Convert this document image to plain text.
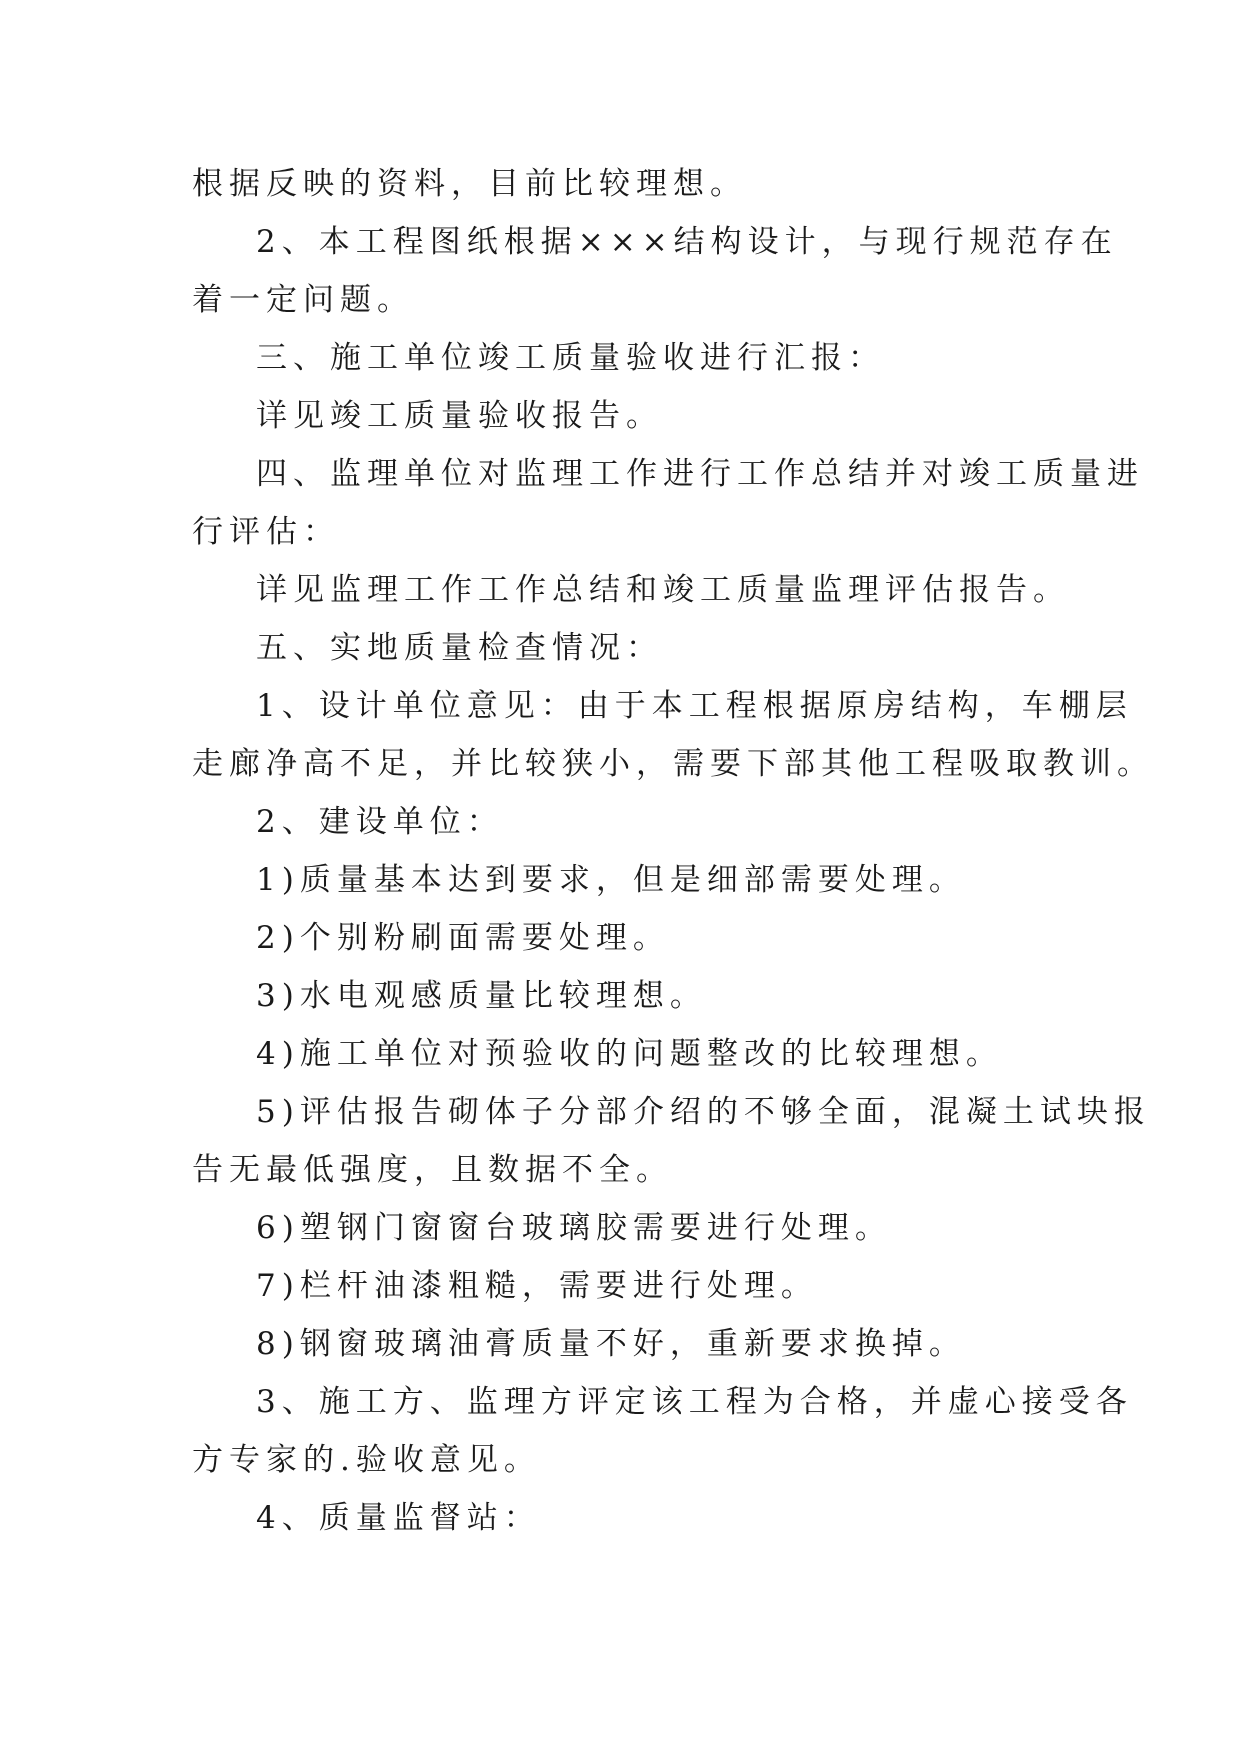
根据反映的资料，目前比较理想。
2、本工程图纸根据×××结构设计，与现行规范存在
着一定问题。
三、施工单位竣工质量验收进行汇报：
详见竣工质量验收报告。
四、监理单位对监理工作进行工作总结并对竣工质量进
行评估：
详见监理工作工作总结和竣工质量监理评估报告。
五、实地质量检查情况：
1、设计单位意见：由于本工程根据原房结构，车棚层
走廊净高不足，并比较狭小，需要下部其他工程吸取教训。
2、建设单位：
1)质量基本达到要求，但是细部需要处理。
2)个别粉刷面需要处理。
3)水电观感质量比较理想。
4)施工单位对预验收的问题整改的比较理想。
5)评估报告砌体子分部介绍的不够全面，混凝土试块报
告无最低强度，且数据不全。
6)塑钢门窗窗台玻璃胶需要进行处理。
7)栏杆油漆粗糙，需要进行处理。
8)钢窗玻璃油膏质量不好，重新要求换掉。
3、施工方、监理方评定该工程为合格，并虚心接受各
方专家的.验收意见。
4、质量监督站：
